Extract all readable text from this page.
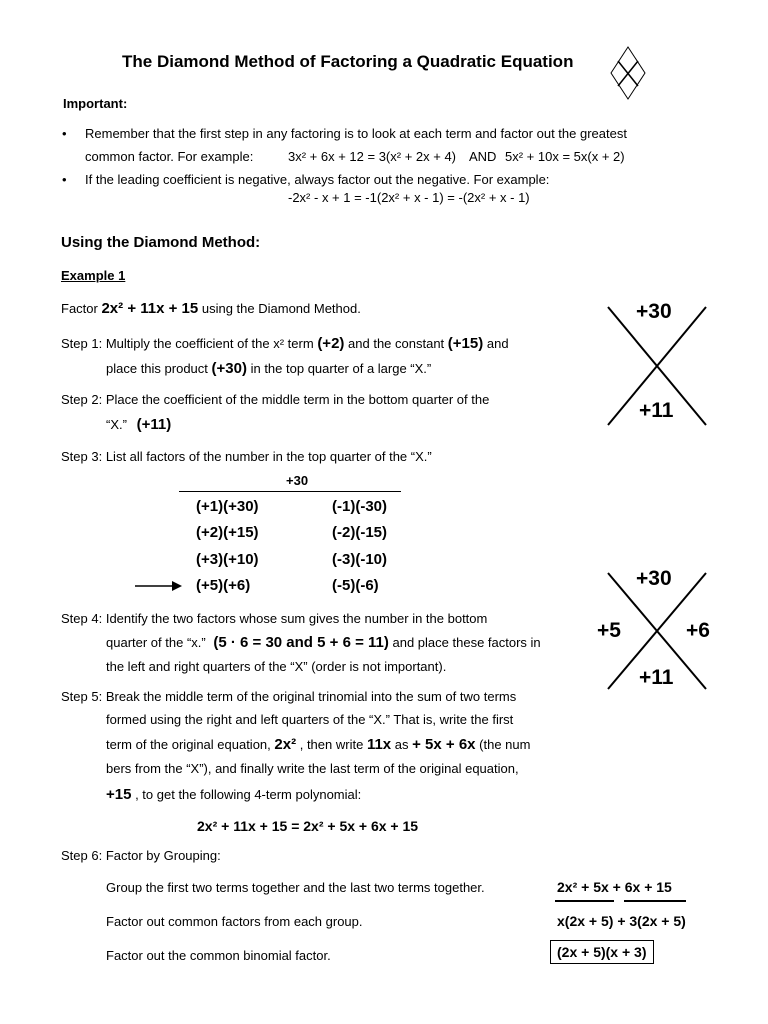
The Diamond Method of Factoring a Quadratic Equation
Important:
• Remember that the first step in any factoring is to look at each term and factor out the greatest
common factor. For example:	3x² + 6x + 12 = 3(x² + 2x + 4) AND 5x² + 10x = 5x(x + 2)
• If the leading coefficient is negative, always factor out the negative. For example:
-2x² - x + 1 = -1(2x² + x - 1) = -(2x² + x - 1)
Using the Diamond Method:
Example 1
Factor 2x² + 11x + 15 using the Diamond Method.
Step 1: Multiply the coefficient of the x² term (+2) and the constant (+15) and
place this product (+30) in the top quarter of a large “X.”
Step 2: Place the coefficient of the middle term in the bottom quarter of the
“X.” (+11)
+30
+11
Step 3: List all factors of the number in the top quarter of the “X.”
+30
(+1)(+30)	(-1)(-30)
(+2)(+15)	(-2)(-15)
(+3)(+10)	(-3)(-10)
(+5)(+6)	(-5)(-6)	+30
+5	+6
+11
Step 4: Identify the two factors whose sum gives the number in the bottom
quarter of the “x.” (5 · 6 = 30 and 5 + 6 = 11) and place these factors in
the left and right quarters of the “X” (order is not important).
Step 5: Break the middle term of the original trinomial into the sum of two terms
formed using the right and left quarters of the “X.” That is, write the first
term of the original equation, 2x² , then write 11x as + 5x + 6x (the num
bers from the “X”), and finally write the last term of the original equation,
+15 , to get the following 4-term polynomial:
2x² + 11x + 15 = 2x² + 5x + 6x + 15
Step 6: Factor by Grouping:
Group the first two terms together and the last two terms together.	2x² + 5x + 6x + 15
Factor out common factors from each group.	x(2x + 5) + 3(2x + 5)
Factor out the common binomial factor.	(2x + 5)(x + 3)
